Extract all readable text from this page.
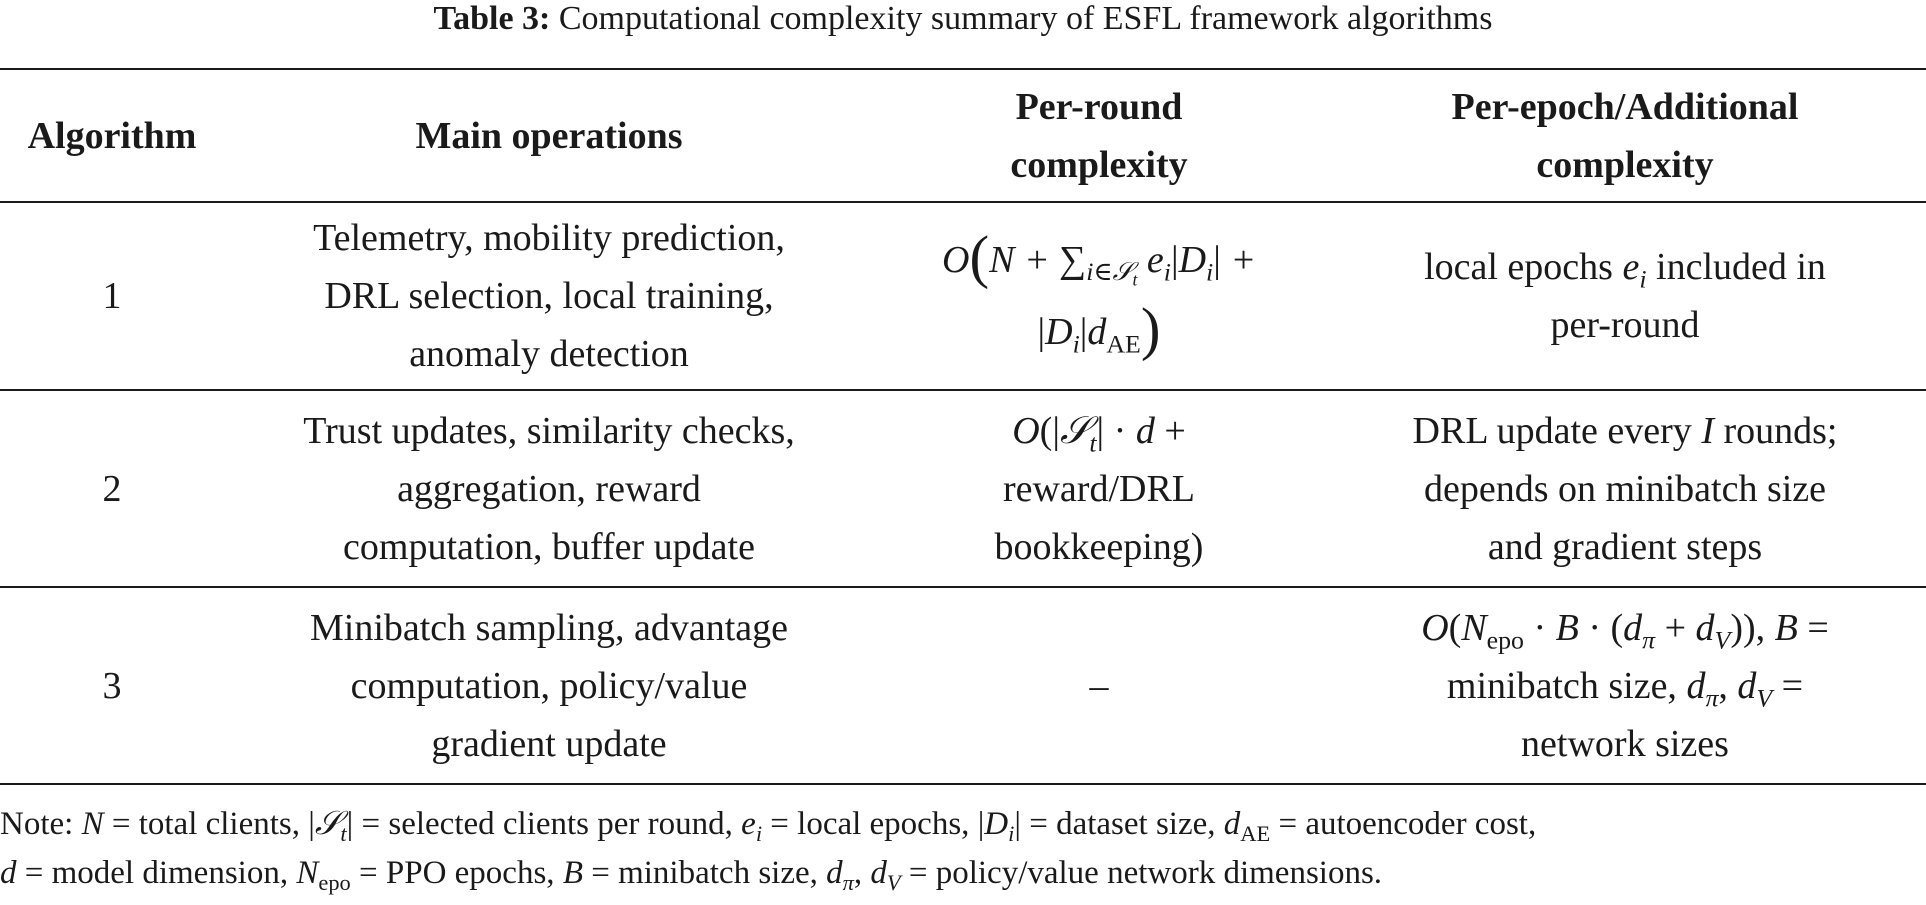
Table 3: Computational complexity summary of ESFL framework algorithms
Algorithm	Main operations
Per-round
complexity
Per-epoch/Additional
complexity
1
Telemetry, mobility prediction,
DRL selection, local training,
anomaly detection
$O(N + \sum_{i\in 𝒮_t}$ $e_i|D_i|$ +
$|D_i|d_{AE}$)
local epochs $e_i$ included in
per-round
2
Trust updates, similarity checks,
aggregation, reward
computation, buffer update
O(|𝒮$_t$| · d +
reward/DRL
bookkeeping)
DRL update every I rounds;
depends on minibatch size
and gradient steps
3
Minibatch sampling, advantage
computation, policy/value
gradient update
–
$O(N_{epo} \cdot B \cdot (d_\pi + d_V))$, B =
minibatch size, $d_\pi$, $d_V$ =
network sizes
Note: N = total clients, |𝒮$_t$| = selected clients per round, $e_i$ = local epochs, $|D_i|$ = dataset size, $d_{AE}$ = autoencoder cost,
d = model dimension, $N_{epo}$ = PPO epochs, B = minibatch size, $d_\pi$, $d_V$ = policy/value network dimensions.
